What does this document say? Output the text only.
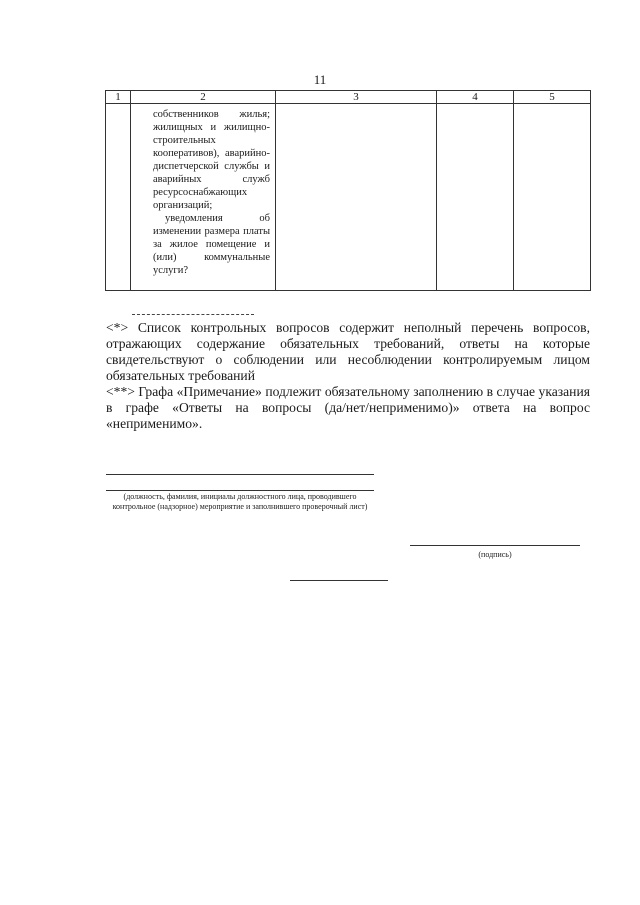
11
1	2	3	4	5

	собственников жилья; жилищных и жилищно-строительных кооперативов), аварийно-диспетчерской службы и аварийных служб ресурсоснабжающих организаций;

уведомления об изменении размера платы за жилое помещение и (или) коммунальные услуги?			

<*> Список контрольных вопросов содержит неполный перечень вопросов, отражающих содержание обязательных требований, ответы на которые свидетельствуют о соблюдении или несоблюдении контролируемым лицом обязательных требований

<**> Графа «Примечание» подлежит обязательному заполнению в случае указания в графе «Ответы на вопросы (да/нет/неприменимо)» ответа на вопрос «неприменимо».

(должность, фамилия, инициалы должностного лица, проводившего контрольное (надзорное) мероприятие и заполнившего проверочный лист)
(подпись)
